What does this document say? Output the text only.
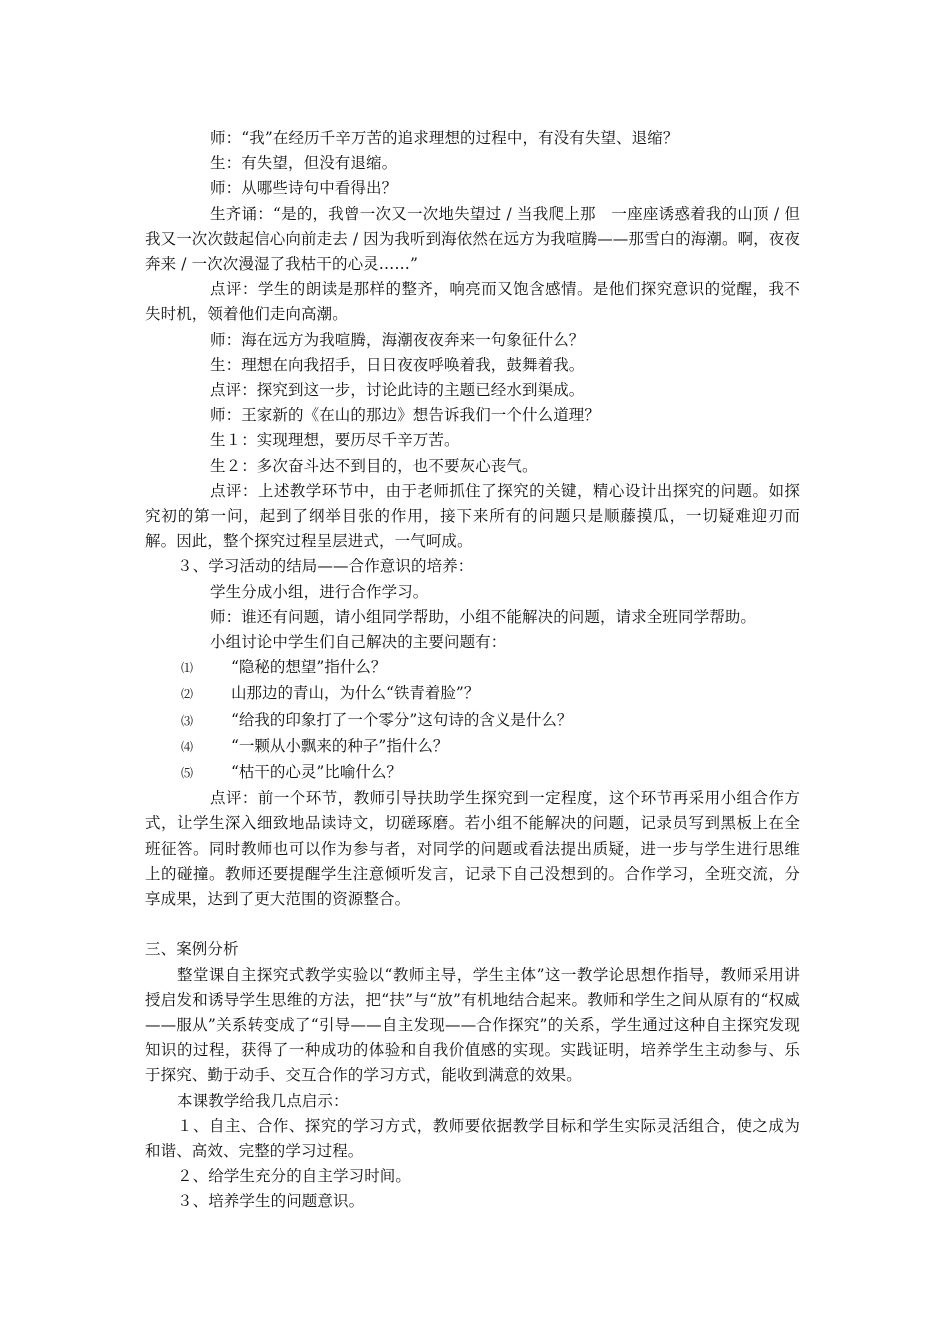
师：“我”在经历千辛万苦的追求理想的过程中，有没有失望、退缩？

生：有失望，但没有退缩。

师：从哪些诗句中看得出？

生齐诵：“是的，我曾一次又一次地失望过 / 当我爬上那　一座座诱惑着我的山顶 / 但我又一次次鼓起信心向前走去 / 因为我听到海依然在远方为我喧腾——那雪白的海潮。啊，夜夜奔来 / 一次次漫湿了我枯干的心灵……”

点评：学生的朗读是那样的整齐，响亮而又饱含感情。是他们探究意识的觉醒，我不失时机，领着他们走向高潮。

师：海在远方为我喧腾，海潮夜夜奔来一句象征什么？

生：理想在向我招手，日日夜夜呼唤着我，鼓舞着我。

点评：探究到这一步，讨论此诗的主题已经水到渠成。

师：王家新的《在山的那边》想告诉我们一个什么道理？

生１：实现理想，要历尽千辛万苦。

生２：多次奋斗达不到目的，也不要灰心丧气。

点评：上述教学环节中，由于老师抓住了探究的关键，精心设计出探究的问题。如探究初的第一问，起到了纲举目张的作用，接下来所有的问题只是顺藤摸瓜，一切疑难迎刃而解。因此，整个探究过程呈层进式，一气呵成。

３、学习活动的结局——合作意识的培养：

学生分成小组，进行合作学习。

师：谁还有问题，请小组同学帮助，小组不能解决的问题，请求全班同学帮助。

小组讨论中学生们自己解决的主要问题有：

⑴ “隐秘的想望”指什么？

⑵ 山那边的青山，为什么“铁青着脸”？

⑶ “给我的印象打了一个零分”这句诗的含义是什么？

⑷ “一颗从小飘来的种子”指什么？

⑸ “枯干的心灵”比喻什么？

点评：前一个环节，教师引导扶助学生探究到一定程度，这个环节再采用小组合作方式，让学生深入细致地品读诗文，切磋琢磨。若小组不能解决的问题，记录员写到黑板上在全班征答。同时教师也可以作为参与者，对同学的问题或看法提出质疑，进一步与学生进行思维上的碰撞。教师还要提醒学生注意倾听发言，记录下自己没想到的。合作学习，全班交流，分享成果，达到了更大范围的资源整合。

三、案例分析

整堂课自主探究式教学实验以“教师主导，学生主体”这一教学论思想作指导，教师采用讲授启发和诱导学生思维的方法，把“扶”与“放”有机地结合起来。教师和学生之间从原有的“权威——服从”关系转变成了“引导——自主发现——合作探究”的关系，学生通过这种自主探究发现知识的过程，获得了一种成功的体验和自我价值感的实现。实践证明，培养学生主动参与、乐于探究、勤于动手、交互合作的学习方式，能收到满意的效果。

本课教学给我几点启示：

１、自主、合作、探究的学习方式，教师要依据教学目标和学生实际灵活组合，使之成为和谐、高效、完整的学习过程。

２、给学生充分的自主学习时间。

３、培养学生的问题意识。
